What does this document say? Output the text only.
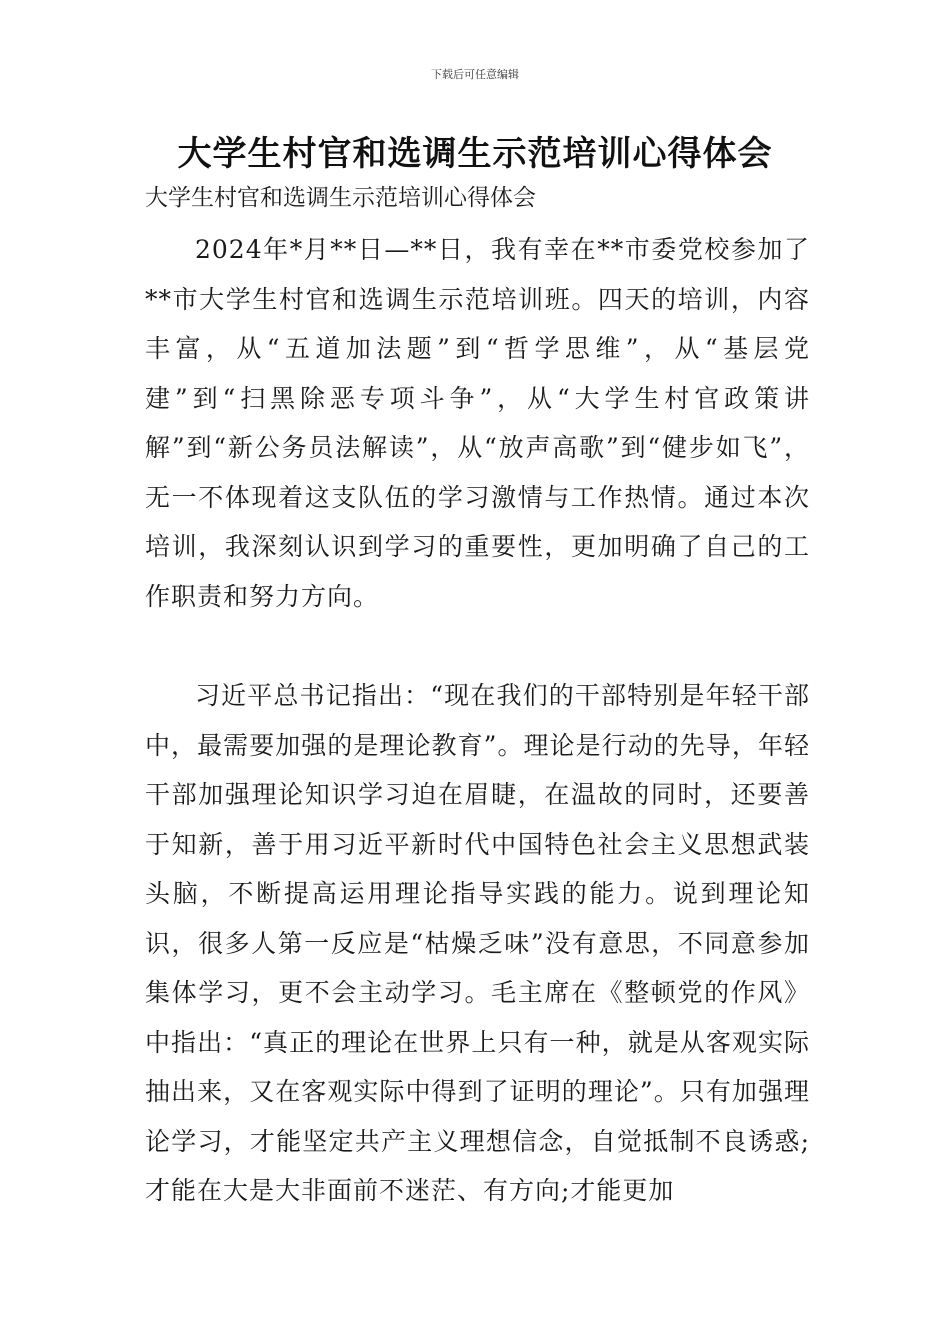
下载后可任意编辑
大学生村官和选调生示范培训心得体会

大学生村官和选调生示范培训心得体会

2024年*月**日—**日，我有幸在**市委党校参加了**市大学生村官和选调生示范培训班。四天的培训，内容丰富，从“五道加法题”到“哲学思维”，从“基层党建”到“扫黑除恶专项斗争”，从“大学生村官政策讲解”到“新公务员法解读”，从“放声高歌”到“健步如飞”，无一不体现着这支队伍的学习激情与工作热情。通过本次培训，我深刻认识到学习的重要性，更加明确了自己的工作职责和努力方向。

习近平总书记指出：“现在我们的干部特别是年轻干部中，最需要加强的是理论教育”。理论是行动的先导，年轻干部加强理论知识学习迫在眉睫，在温故的同时，还要善于知新，善于用习近平新时代中国特色社会主义思想武装头脑，不断提高运用理论指导实践的能力。说到理论知识，很多人第一反应是“枯燥乏味”没有意思，不同意参加集体学习，更不会主动学习。毛主席在《整顿党的作风》中指出：“真正的理论在世界上只有一种，就是从客观实际抽出来，又在客观实际中得到了证明的理论”。只有加强理论学习，才能坚定共产主义理想信念，自觉抵制不良诱惑;才能在大是大非面前不迷茫、有方向;才能更加
